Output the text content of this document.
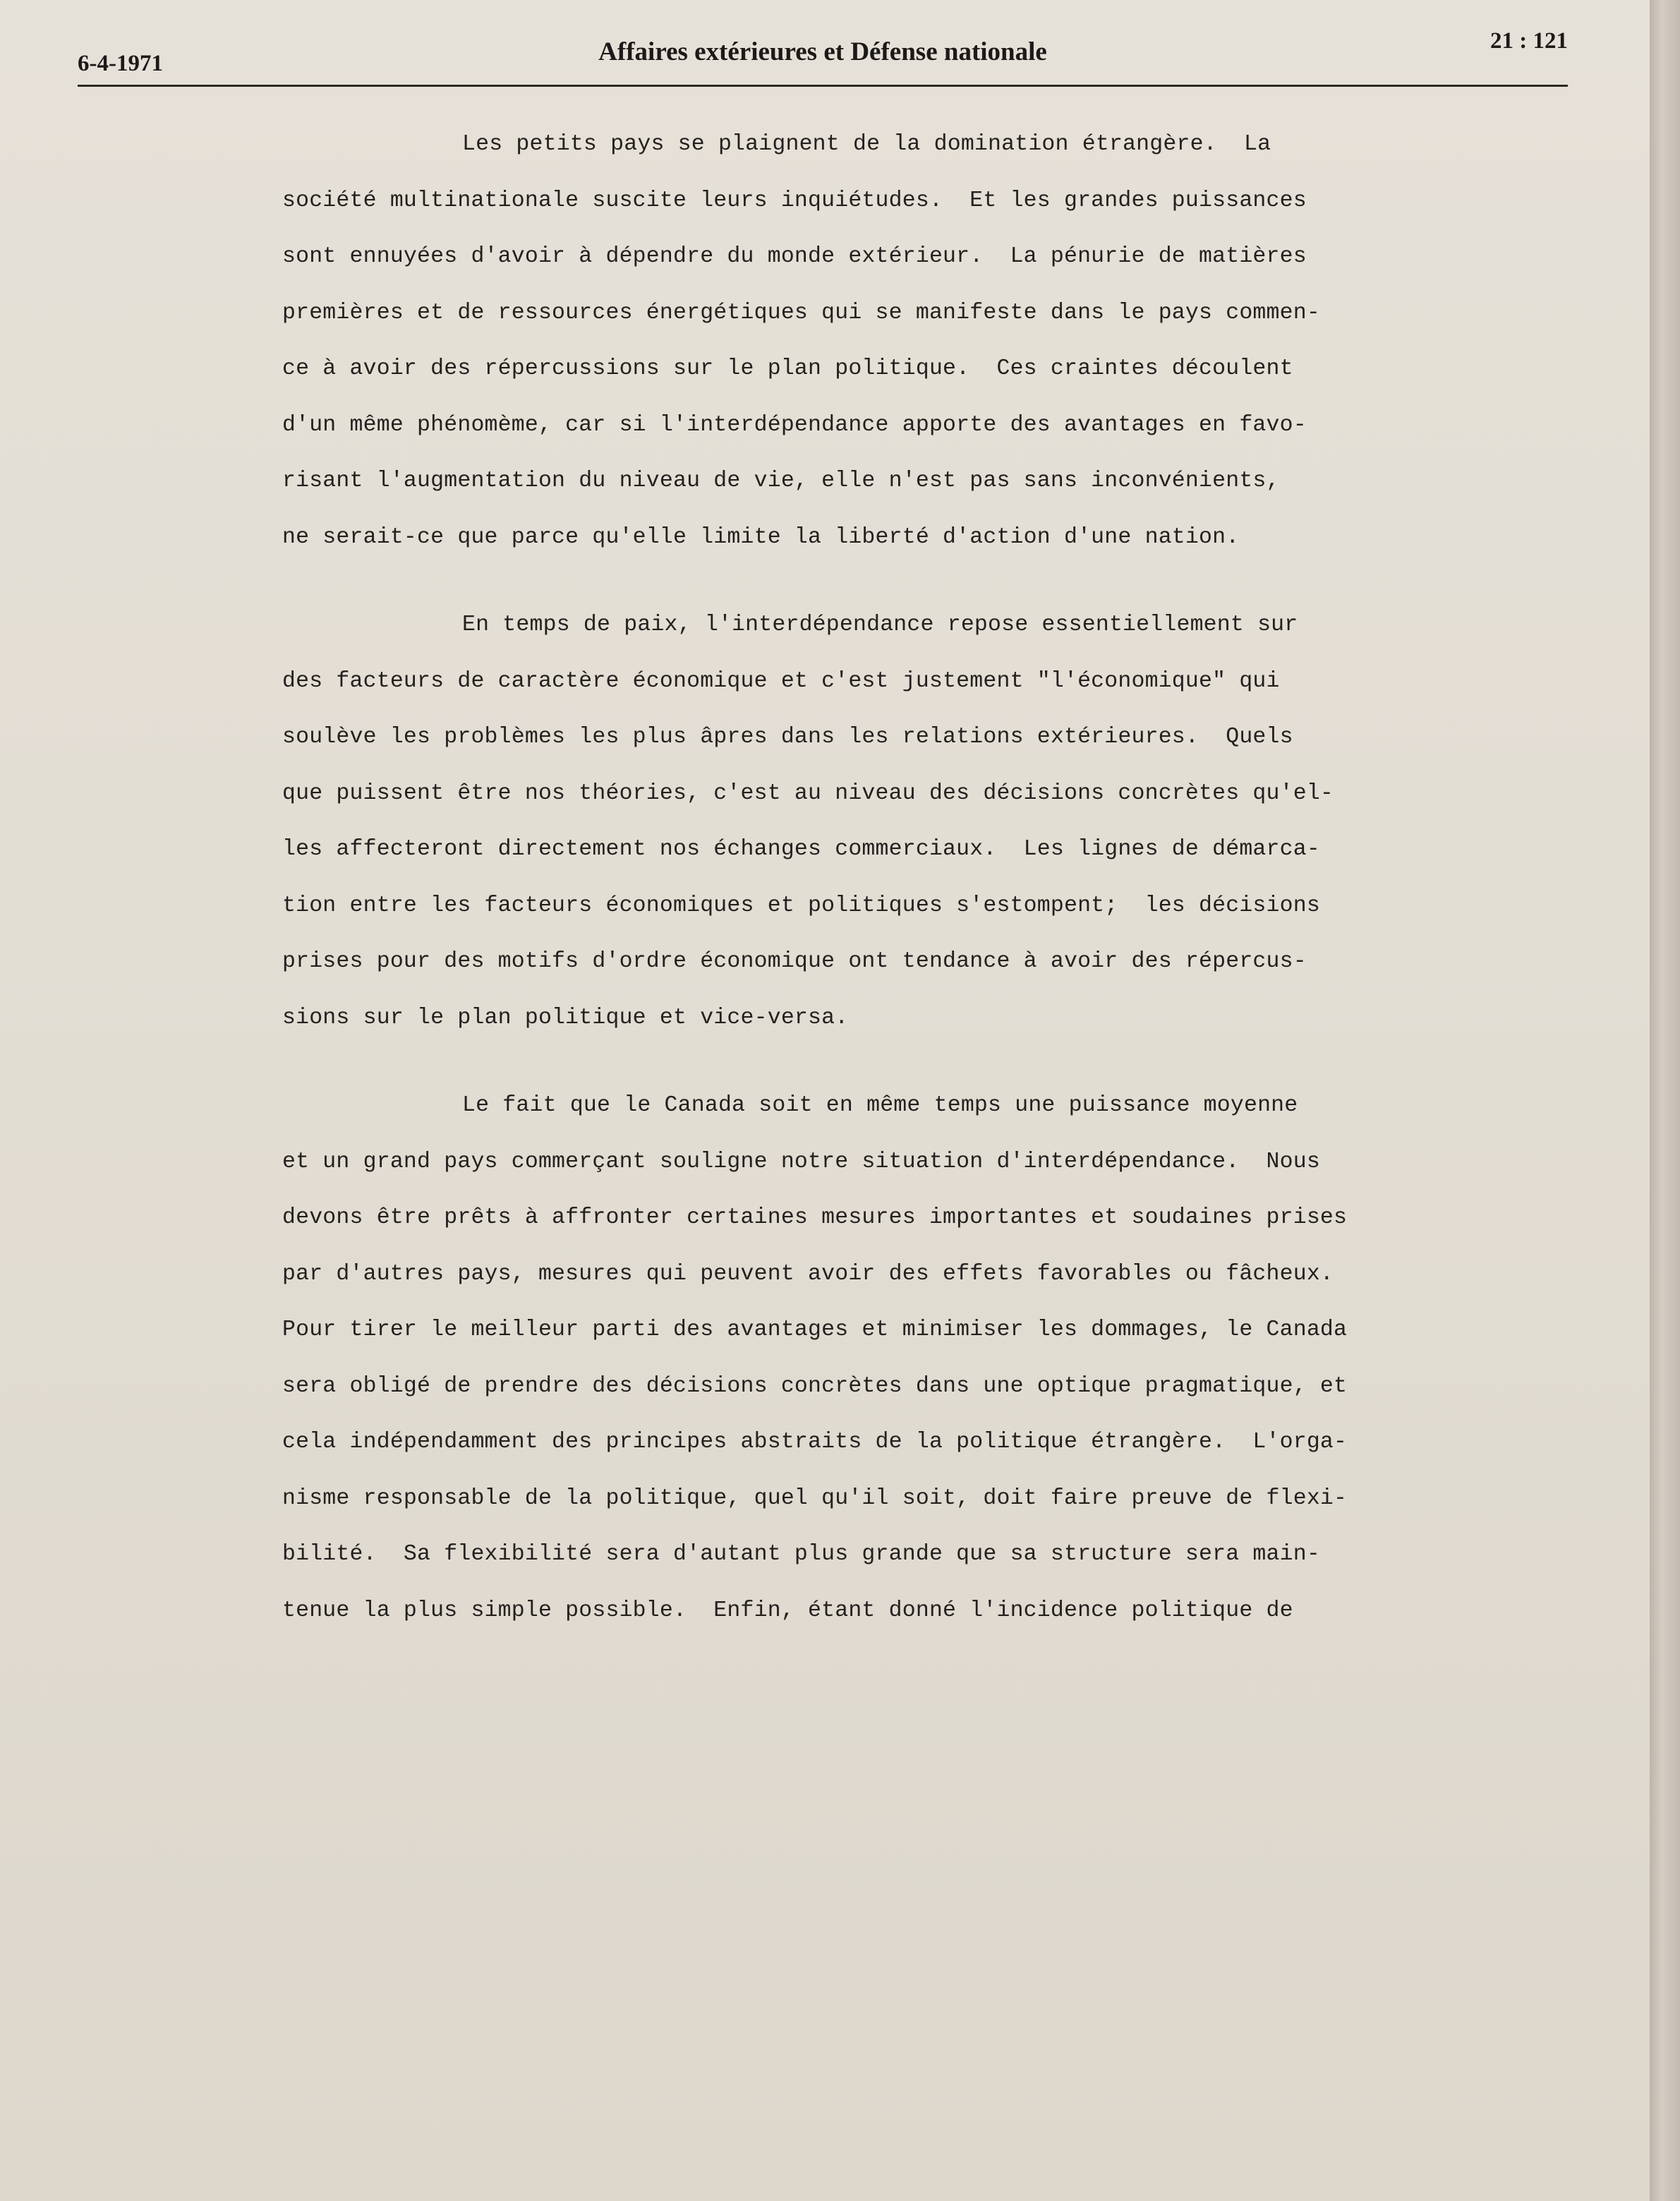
6-4-1971	Affaires extérieures et Défense nationale	21 : 121
Les petits pays se plaignent de la domination étrangère.  La
société multinationale suscite leurs inquiétudes.  Et les grandes puissances
sont ennuyées d'avoir à dépendre du monde extérieur.  La pénurie de matières
premières et de ressources énergétiques qui se manifeste dans le pays commen-
ce à avoir des répercussions sur le plan politique.  Ces craintes découlent
d'un même phénomème, car si l'interdépendance apporte des avantages en favo-
risant l'augmentation du niveau de vie, elle n'est pas sans inconvénients,
ne serait-ce que parce qu'elle limite la liberté d'action d'une nation.
En temps de paix, l'interdépendance repose essentiellement sur
des facteurs de caractère économique et c'est justement "l'économique" qui
soulève les problèmes les plus âpres dans les relations extérieures.  Quels
que puissent être nos théories, c'est au niveau des décisions concrètes qu'el-
les affecteront directement nos échanges commerciaux.  Les lignes de démarca-
tion entre les facteurs économiques et politiques s'estompent;  les décisions
prises pour des motifs d'ordre économique ont tendance à avoir des répercus-
sions sur le plan politique et vice-versa.
Le fait que le Canada soit en même temps une puissance moyenne
et un grand pays commerçant souligne notre situation d'interdépendance.  Nous
devons être prêts à affronter certaines mesures importantes et soudaines prises
par d'autres pays, mesures qui peuvent avoir des effets favorables ou fâcheux.
Pour tirer le meilleur parti des avantages et minimiser les dommages, le Canada
sera obligé de prendre des décisions concrètes dans une optique pragmatique, et
cela indépendamment des principes abstraits de la politique étrangère.  L'orga-
nisme responsable de la politique, quel qu'il soit, doit faire preuve de flexi-
bilité.  Sa flexibilité sera d'autant plus grande que sa structure sera main-
tenue la plus simple possible.  Enfin, étant donné l'incidence politique de
